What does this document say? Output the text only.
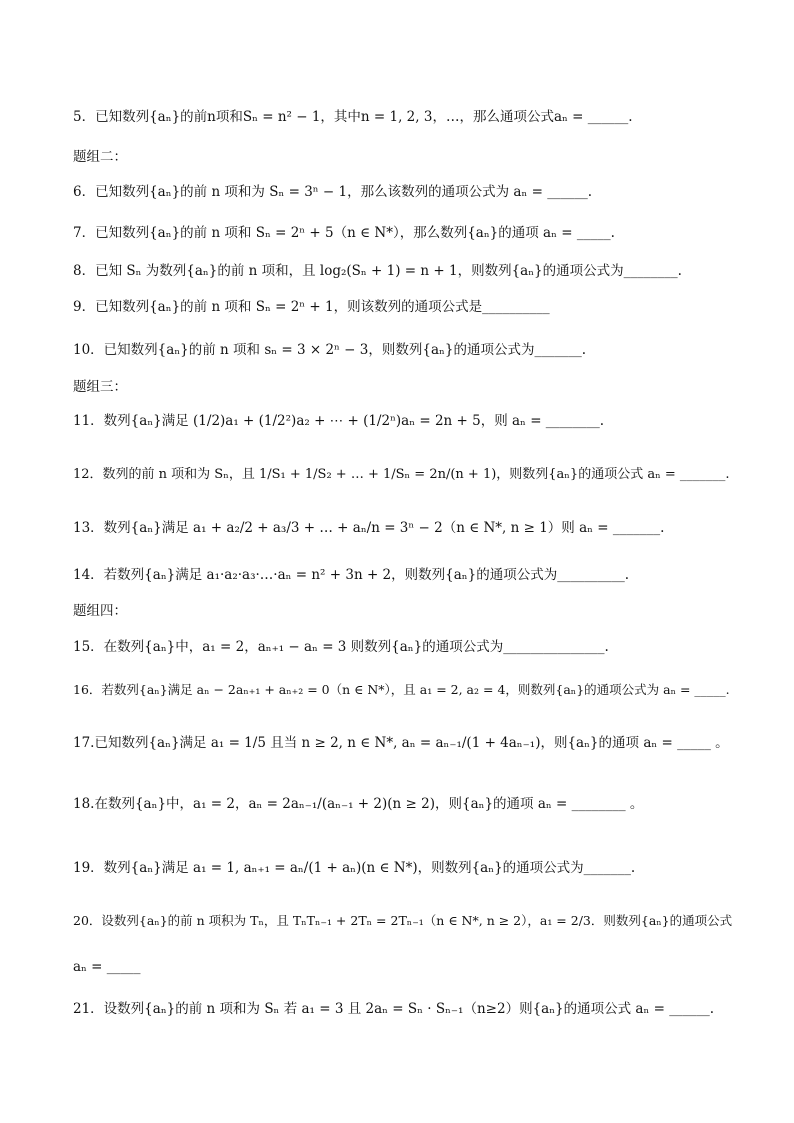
5．已知数列{aₙ}的前n项和Sₙ = n² − 1，其中n = 1, 2, 3，…，那么通项公式aₙ = ______.
题组二：
6．已知数列{aₙ}的前 n 项和为 Sₙ = 3ⁿ − 1，那么该数列的通项公式为 aₙ = ______.
7．已知数列{aₙ}的前 n 项和 Sₙ = 2ⁿ + 5（n ∈ N*），那么数列{aₙ}的通项 aₙ = _____.
8．已知 Sₙ 为数列{aₙ}的前 n 项和，且 log₂(Sₙ + 1) = n + 1，则数列{aₙ}的通项公式为________.
9．已知数列{aₙ}的前 n 项和 Sₙ = 2ⁿ + 1，则该数列的通项公式是__________
10．已知数列{aₙ}的前 n 项和 sₙ = 3 × 2ⁿ − 3，则数列{aₙ}的通项公式为_______.
题组三：
11．数列{aₙ}满足 (1/2)a₁ + (1/2²)a₂ + ⋯ + (1/2ⁿ)aₙ = 2n + 5，则 aₙ = ________.
12．数列的前 n 项和为 Sₙ，且 1/S₁ + 1/S₂ + … + 1/Sₙ = 2n/(n + 1)，则数列{aₙ}的通项公式 aₙ = _______.
13．数列{aₙ}满足 a₁ + a₂/2 + a₃/3 + … + aₙ/n = 3ⁿ − 2（n ∈ N*, n ≥ 1）则 aₙ = _______.
14．若数列{aₙ}满足 a₁·a₂·a₃·…·aₙ = n² + 3n + 2，则数列{aₙ}的通项公式为__________.
题组四：
15．在数列{aₙ}中，a₁ = 2，aₙ₊₁ − aₙ = 3 则数列{aₙ}的通项公式为_______________.
16．若数列{aₙ}满足 aₙ − 2aₙ₊₁ + aₙ₊₂ = 0（n ∈ N*），且 a₁ = 2, a₂ = 4，则数列{aₙ}的通项公式为 aₙ = _____.
17.已知数列{aₙ}满足 a₁ = 1/5 且当 n ≥ 2, n ∈ N*, aₙ = aₙ₋₁/(1 + 4aₙ₋₁)，则{aₙ}的通项 aₙ = _____ 。
18.在数列{aₙ}中，a₁ = 2，aₙ = 2aₙ₋₁/(aₙ₋₁ + 2)(n ≥ 2)，则{aₙ}的通项 aₙ = ________ 。
19．数列{aₙ}满足 a₁ = 1, aₙ₊₁ = aₙ/(1 + aₙ)(n ∈ N*)，则数列{aₙ}的通项公式为_______.
20．设数列{aₙ}的前 n 项积为 Tₙ，且 TₙTₙ₋₁ + 2Tₙ = 2Tₙ₋₁（n ∈ N*, n ≥ 2），a₁ = 2/3．则数列{aₙ}的通项公式
aₙ = _____
21．设数列{aₙ}的前 n 项和为 Sₙ 若 a₁ = 3 且 2aₙ = Sₙ · Sₙ₋₁（n≥2）则{aₙ}的通项公式 aₙ = ______.
